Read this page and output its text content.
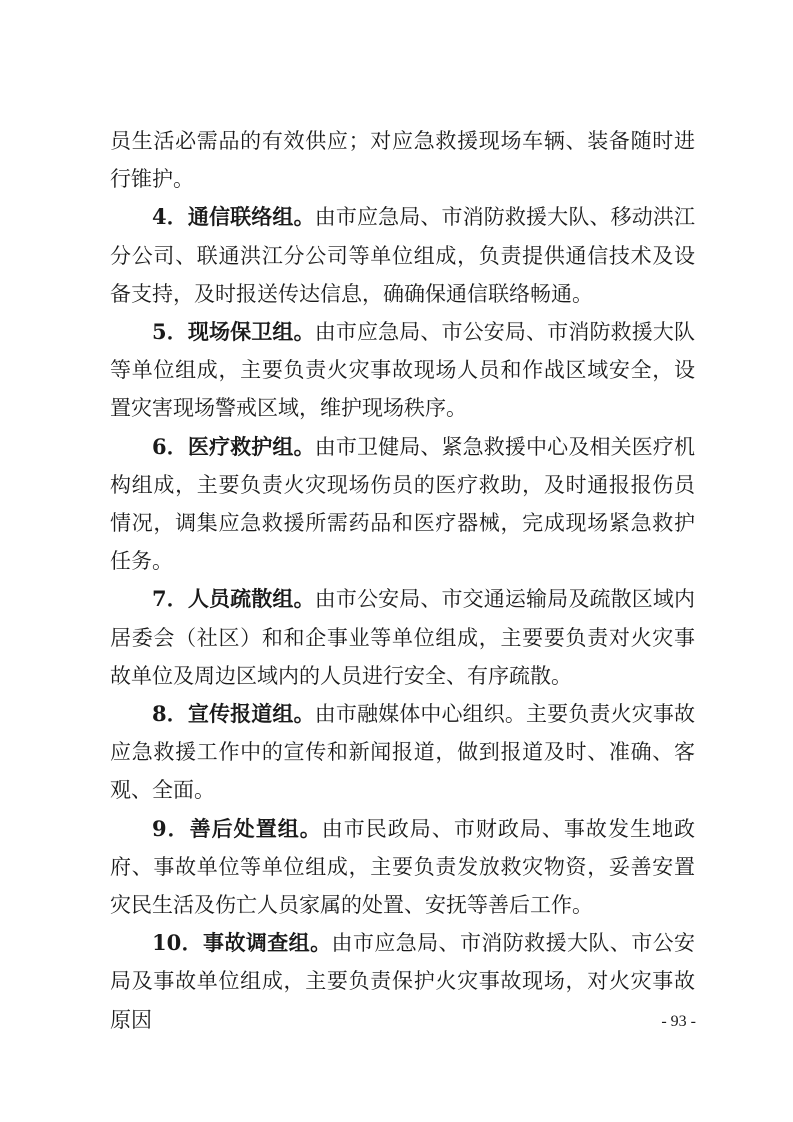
员生活必需品的有效供应；对应急救援现场车辆、装备随时进行锥护。

4．通信联络组。由市应急局、市消防救援大队、移动洪江分公司、联通洪江分公司等单位组成，负责提供通信技术及设备支持，及时报送传达信息，确确保通信联络畅通。

5．现场保卫组。由市应急局、市公安局、市消防救援大队等单位组成，主要负责火灾事故现场人员和作战区域安全，设置灾害现场警戒区域，维护现场秩序。

6．医疗救护组。由市卫健局、紧急救援中心及相关医疗机构组成，主要负责火灾现场伤员的医疗救助，及时通报报伤员情况，调集应急救援所需药品和医疗器械，完成现场紧急救护任务。

7．人员疏散组。由市公安局、市交通运输局及疏散区域内居委会（社区）和和企事业等单位组成，主要要负责对火灾事故单位及周边区域内的人员进行安全、有序疏散。

8．宣传报道组。由市融媒体中心组织。主要负责火灾事故应急救援工作中的宣传和新闻报道，做到报道及时、准确、客观、全面。

9．善后处置组。由市民政局、市财政局、事故发生地政府、事故单位等单位组成，主要负责发放救灾物资，妥善安置灾民生活及伤亡人员家属的处置、安抚等善后工作。

10．事故调查组。由市应急局、市消防救援大队、市公安局及事故单位组成，主要负责保护火灾事故现场，对火灾事故原因	- 93 -
